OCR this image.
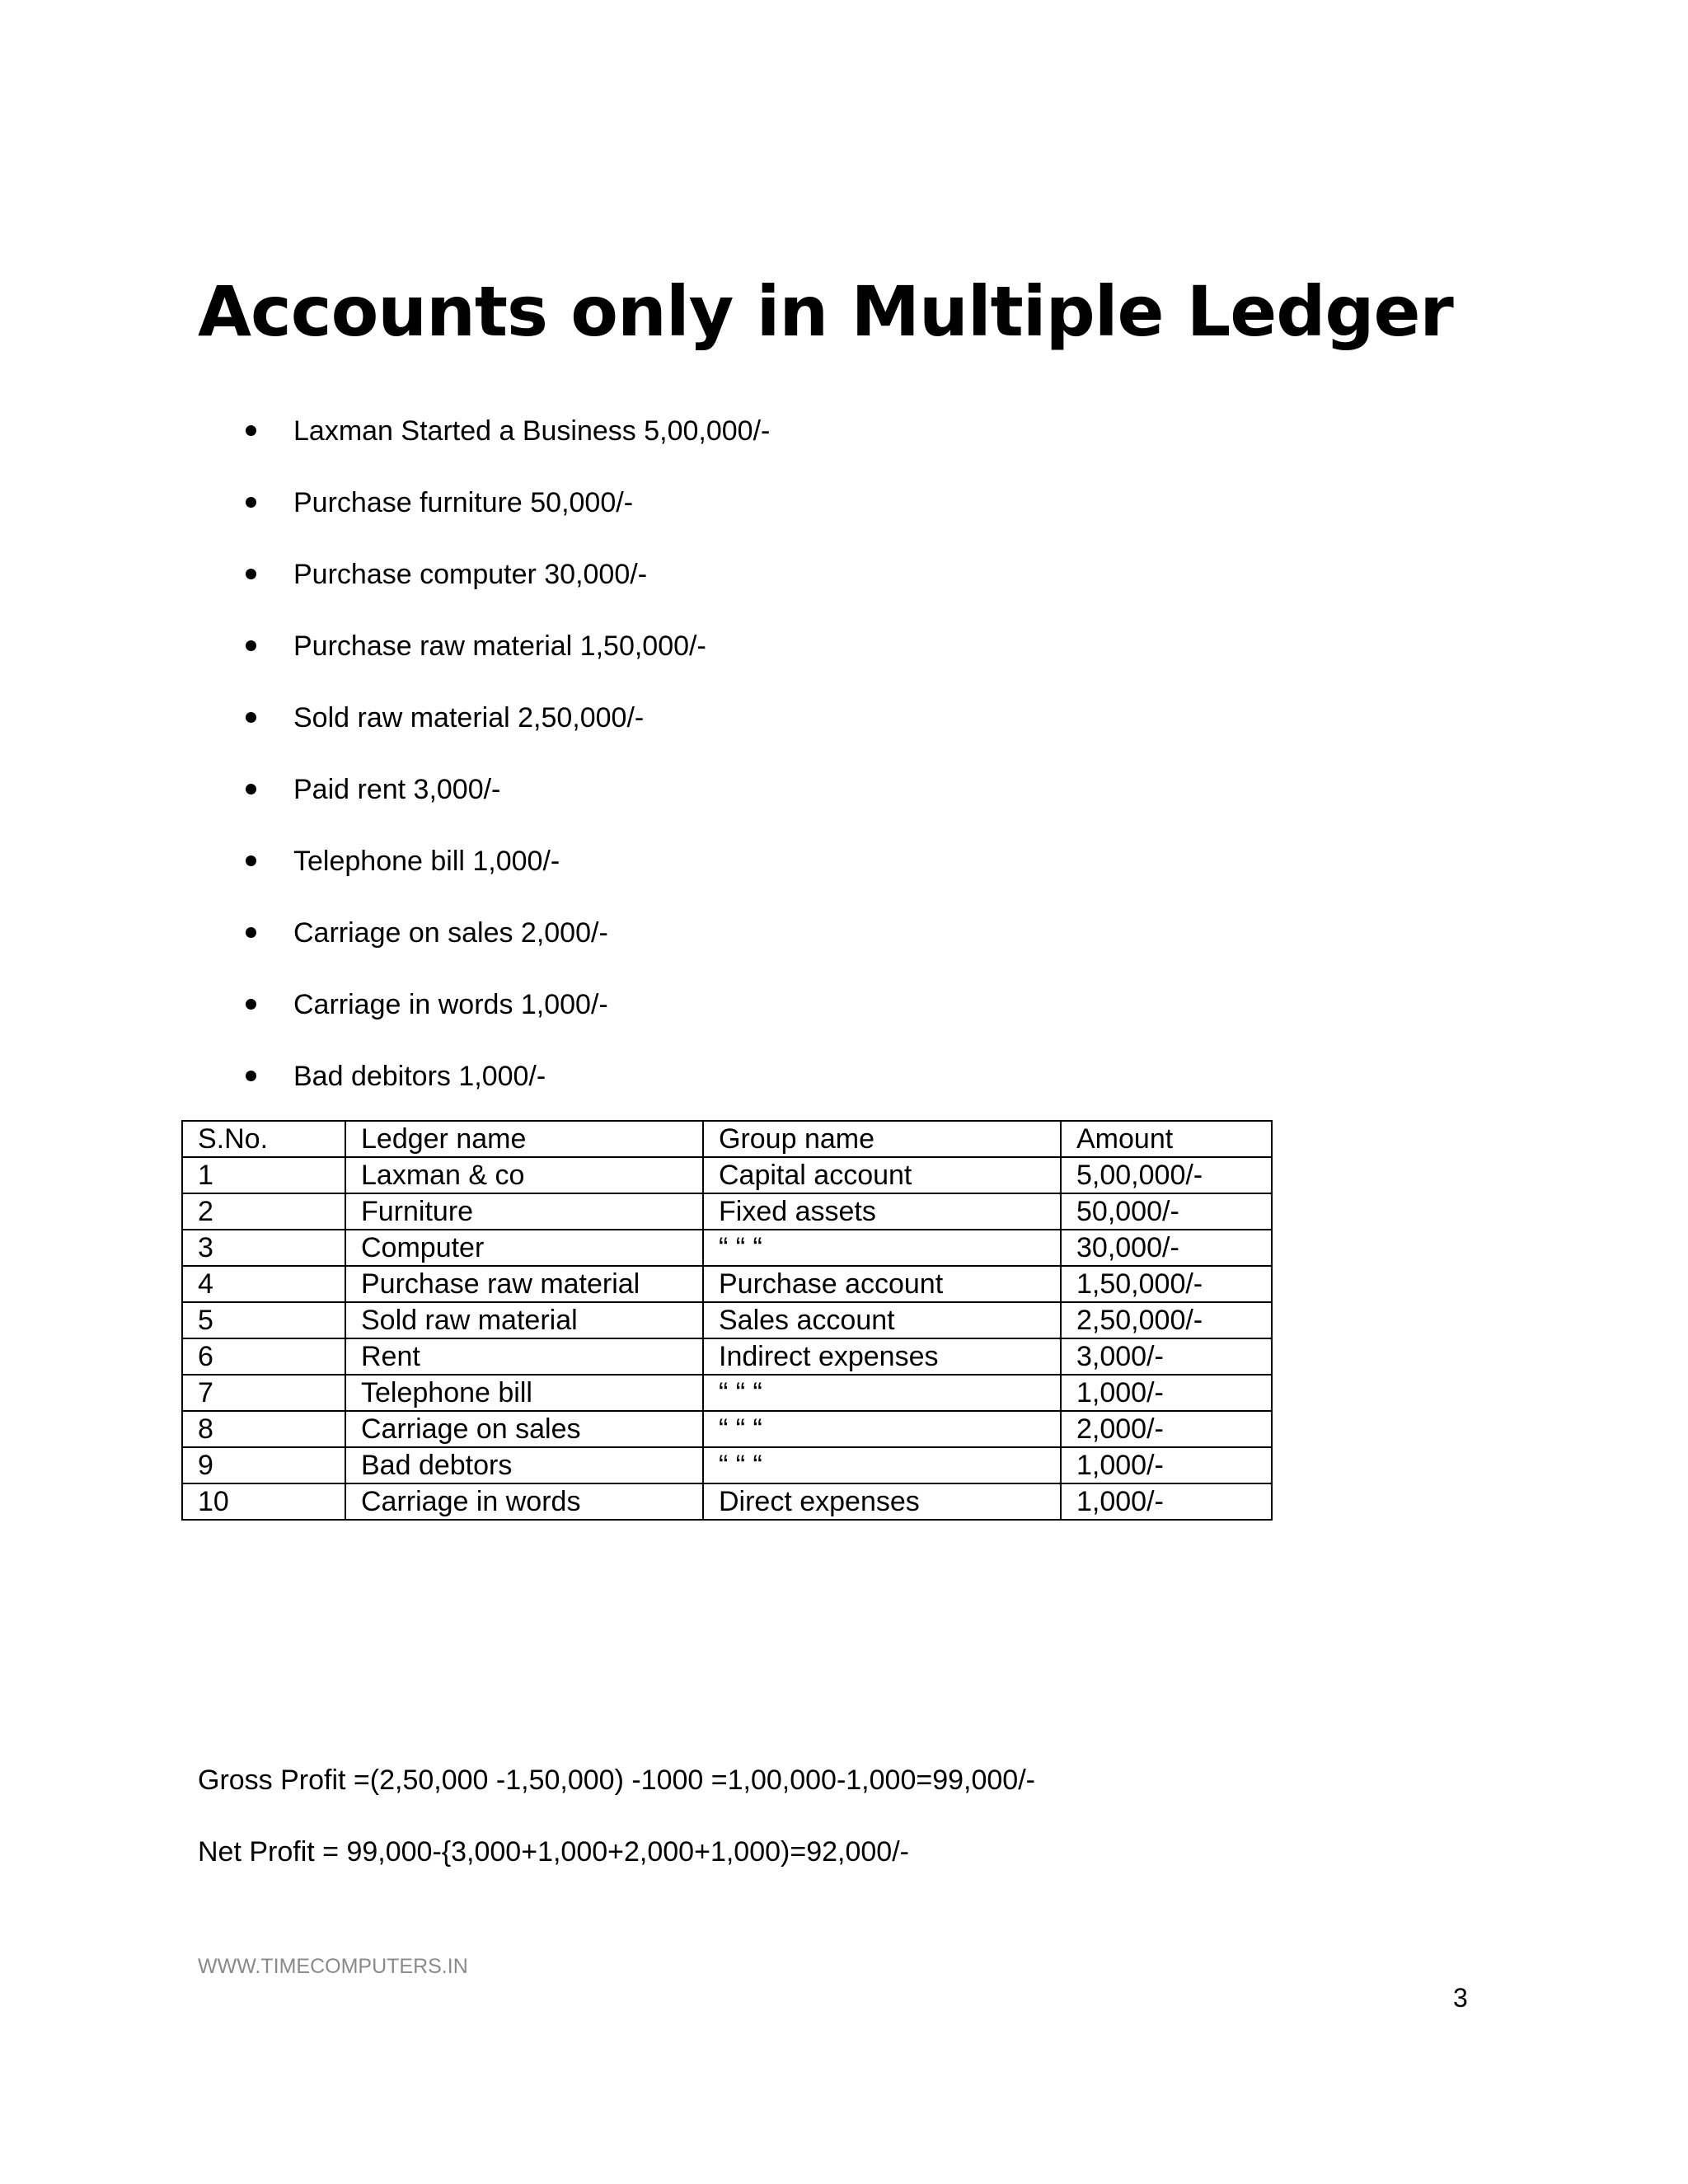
Accounts only in Multiple Ledger
Laxman Started a Business 5,00,000/-
Purchase furniture 50,000/-
Purchase computer 30,000/-
Purchase raw material 1,50,000/-
Sold raw material 2,50,000/-
Paid rent 3,000/-
Telephone bill 1,000/-
Carriage on sales 2,000/-
Carriage in words 1,000/-
Bad debitors 1,000/-
S.No.	Ledger name	Group name	Amount
1	Laxman & co	Capital account	5,00,000/-
2	Furniture	Fixed assets	50,000/-
3	Computer	“ “ “	30,000/-
4	Purchase raw material	Purchase account	1,50,000/-
5	Sold raw material	Sales account	2,50,000/-
6	Rent	Indirect expenses	3,000/-
7	Telephone bill	“ “ “	1,000/-
8	Carriage on sales	“ “ “	2,000/-
9	Bad debtors	“ “ “	1,000/-
10	Carriage in words	Direct expenses	1,000/-
Gross Profit =(2,50,000 -1,50,000) -1000 =1,00,000-1,000=99,000/-
Net Profit = 99,000-{3,000+1,000+2,000+1,000)=92,000/-
WWW.TIMECOMPUTERS.IN
3
